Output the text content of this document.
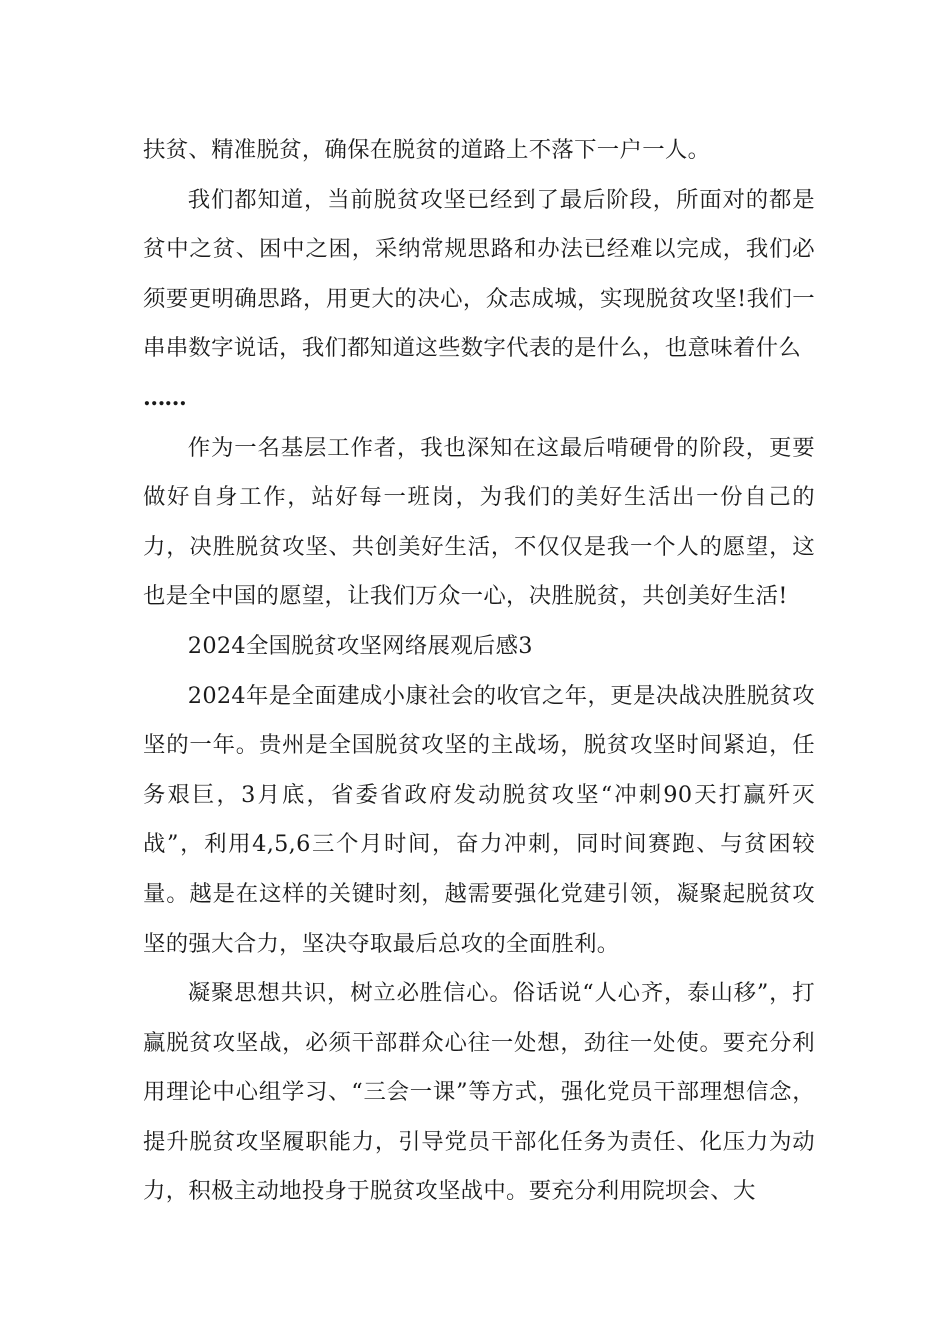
扶贫、精准脱贫，确保在脱贫的道路上不落下一户一人。

我们都知道，当前脱贫攻坚已经到了最后阶段，所面对的都是贫中之贫、困中之困，采纳常规思路和办法已经难以完成，我们必须要更明确思路，用更大的决心，众志成城，实现脱贫攻坚!我们一串串数字说话，我们都知道这些数字代表的是什么，也意味着什么
……

作为一名基层工作者，我也深知在这最后啃硬骨的阶段，更要做好自身工作，站好每一班岗，为我们的美好生活出一份自己的力，决胜脱贫攻坚、共创美好生活，不仅仅是我一个人的愿望，这也是全中国的愿望，让我们万众一心，决胜脱贫，共创美好生活!

2024全国脱贫攻坚网络展观后感3

2024年是全面建成小康社会的收官之年，更是决战决胜脱贫攻坚的一年。贵州是全国脱贫攻坚的主战场，脱贫攻坚时间紧迫，任务艰巨，3月底，省委省政府发动脱贫攻坚“冲刺90天打赢歼灭战”，利用4,5,6三个月时间，奋力冲刺，同时间赛跑、与贫困较量。越是在这样的关键时刻，越需要强化党建引领，凝聚起脱贫攻坚的强大合力，坚决夺取最后总攻的全面胜利。

凝聚思想共识，树立必胜信心。俗话说“人心齐，泰山移”，打赢脱贫攻坚战，必须干部群众心往一处想，劲往一处使。要充分利用理论中心组学习、“三会一课”等方式，强化党员干部理想信念，提升脱贫攻坚履职能力，引导党员干部化任务为责任、化压力为动力，积极主动地投身于脱贫攻坚战中。要充分利用院坝会、大
